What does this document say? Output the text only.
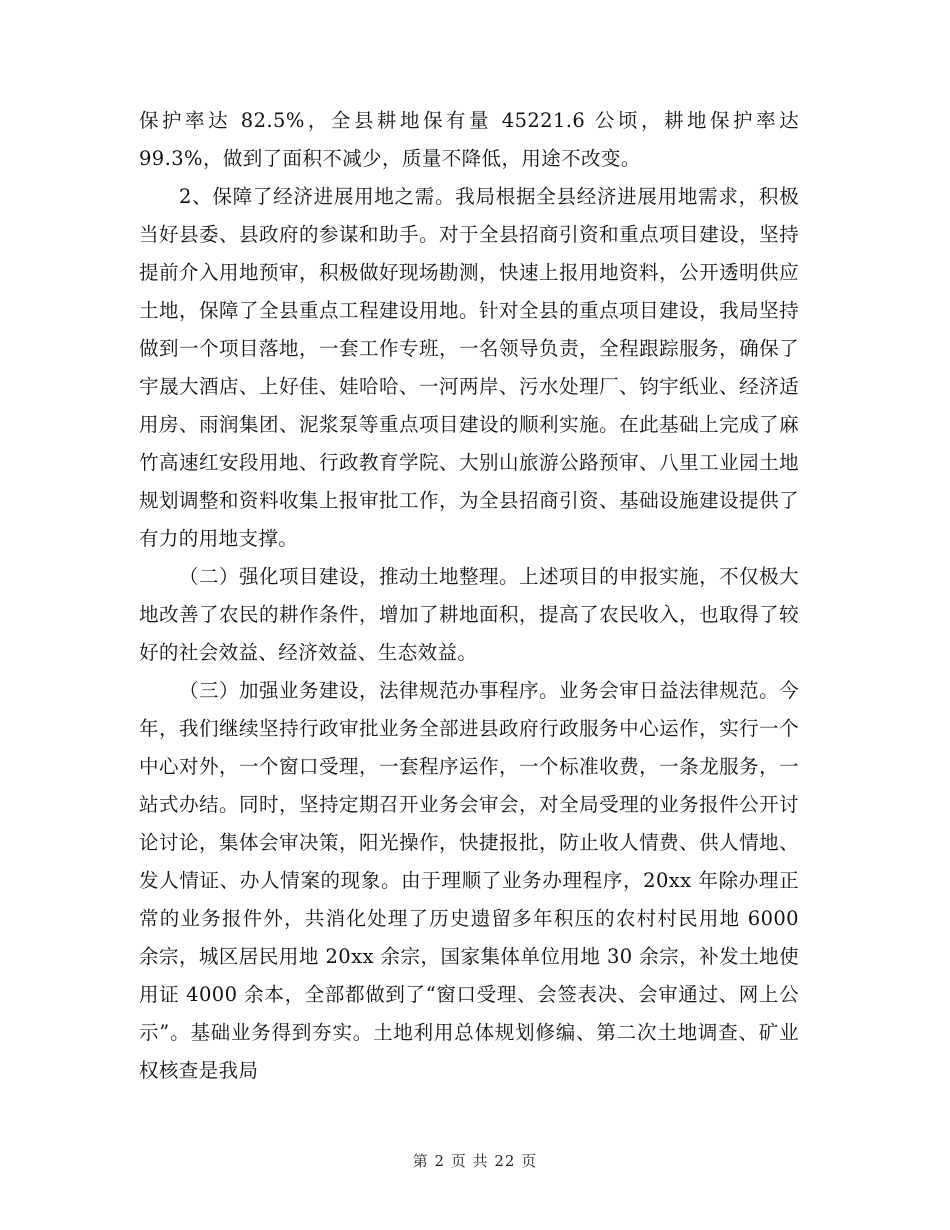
保护率达 82.5%，全县耕地保有量 45221.6 公顷，耕地保护率达 99.3%，做到了面积不减少，质量不降低，用途不改变。

2、保障了经济进展用地之需。我局根据全县经济进展用地需求，积极当好县委、县政府的参谋和助手。对于全县招商引资和重点项目建设，坚持提前介入用地预审，积极做好现场勘测，快速上报用地资料，公开透明供应土地，保障了全县重点工程建设用地。针对全县的重点项目建设，我局坚持做到一个项目落地，一套工作专班，一名领导负责，全程跟踪服务，确保了宇晟大酒店、上好佳、娃哈哈、一河两岸、污水处理厂、钧宇纸业、经济适用房、雨润集团、泥浆泵等重点项目建设的顺利实施。在此基础上完成了麻竹高速红安段用地、行政教育学院、大别山旅游公路预审、八里工业园土地规划调整和资料收集上报审批工作，为全县招商引资、基础设施建设提供了有力的用地支撑。

（二）强化项目建设，推动土地整理。上述项目的申报实施，不仅极大地改善了农民的耕作条件，增加了耕地面积，提高了农民收入，也取得了较好的社会效益、经济效益、生态效益。

（三）加强业务建设，法律规范办事程序。业务会审日益法律规范。今年，我们继续坚持行政审批业务全部进县政府行政服务中心运作，实行一个中心对外，一个窗口受理，一套程序运作，一个标准收费，一条龙服务，一站式办结。同时，坚持定期召开业务会审会，对全局受理的业务报件公开讨论讨论，集体会审决策，阳光操作，快捷报批，防止收人情费、供人情地、发人情证、办人情案的现象。由于理顺了业务办理程序，20xx 年除办理正常的业务报件外，共消化处理了历史遗留多年积压的农村村民用地 6000 余宗，城区居民用地 20xx 余宗，国家集体单位用地 30 余宗，补发土地使用证 4000 余本，全部都做到了“窗口受理、会签表决、会审通过、网上公示”。基础业务得到夯实。土地利用总体规划修编、第二次土地调查、矿业权核查是我局

第 2 页 共 22 页
